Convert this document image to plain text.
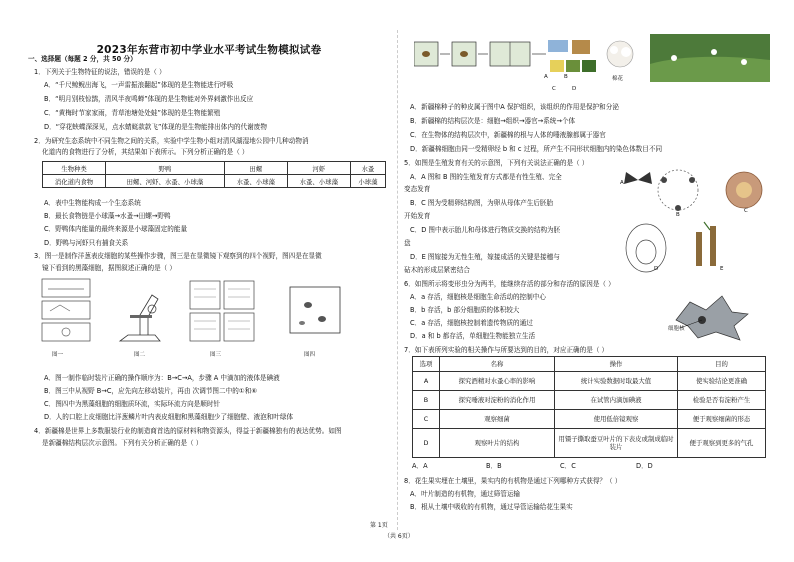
2023年东营市初中学业水平考试生物模拟试卷
一、选择题（每题 2 分，共 50 分）
1．下列关于生物特征的说法，错误的是（ ）
A．“千尺鲸鲵出海飞，一声雷振浪翻起”体现的是生物能进行呼吸
B．“明月别枝惊鹊，清风半夜鸣蝉”体现的是生物能对外界刺激作出反应
C．“黄梅时节家家雨，青草池塘处处蛙”体现的是生物能繁殖
D．“穿花蛱蝶深深见，点水蜻蜓款款飞”体现的是生物能排出体内的代谢废物
2．为研究生态系统中不同生物之间的关系，实验中学生物小组对清风湖湿地公园中几种动物消
化道内的食物进行了分析，其结果如下表所示。下列分析正确的是（ ）
生物种类	野鸭	田螺	河虾	水蚤
消化道内食物	田螺、河虾、水蚤、小球藻	水蚤、小球藻	水蚤、小球藻	小球藻
A．表中生物能构成一个生态系统
B．最长食物链是小球藻→水蚤→田螺→野鸭
C．野鸭体内能量的最终来源是小球藻固定的能量
D．野鸭与河虾只有捕食关系
3．图一是制作洋葱表皮细胞的某些操作步骤，图三是在显微镜下观察到的四个视野，图四是在显微
镜下看到的黑藻细胞，据图叙述正确的是（ ）
图一	图二	图三	图四
A．图一制作临时装片正确的操作顺序为：B→C→A，步骤 A 中滴加的液体是碘液
B．图三中从视野 B→C，应先向左移动装片，再由 次调节图二中的①和⑥
C．图四中为黑藻细胞的细胞质环流，实际环流方向是顺时针
D．人的口腔上皮细胞比洋葱鳞片叶内表皮细胞和黑藻细胞少了细胞壁、液泡和叶绿体
4．新疆棉是世界上多数服装行业的制造商首选的原材料和物资源头，得益于新疆棉独有的表达优势。如图
是新疆棉结构层次示意图。下列有关分析正确的是（ ）
A	B
C	D
棉花
A．新疆棉种子的种皮属于图中A 保护组织，该组织的作用是保护和分泌
B．新疆棉的结构层次是：细胞→组织→器官→系统→个体
C．在生物体的结构层次中，新疆棉的根与人体的唾液腺都属于器官
D．新疆棉细胞由同一受精卵经 b 和 c 过程，所产生不同形状细胞内的染色体数目不同
5．如图是生殖发育有关的示意图，下列有关说法正确的是（ ）
A．A 图和 B 图的生殖发育方式都是有性生殖、完全
变态发育
B．C 图为受精卵结构图，为卵从母体产生后胚胎
开始发育
C．D 图中表示胎儿和母体进行物质交换的结构为胚
盘
D．E 图嫁接为无性生殖，嫁接成活的关键是接穗与
砧木的形成层紧密结合
A
B
C
D	E
6．如图所示将变形虫分为两半，能继续存活的部分和存活的原因是（ ）
A．a 存活，细胞核是细胞生命活动的控制中心
B．b 存活，b 部分细胞质的体积较大
C．a 存活，细胞核控制着遗传物质的通过
D．a 和 b 都存活，单细胞生物能独立生活
细胞核
7．如下表所列实验的相关操作与所要达到的目的，对应正确的是（ ）
选项	名称	操作	目的
A	探究酒精对水蚤心率的影响	统计实验数据时取最大值	使实验结论更准确
B	探究唾液对淀粉的消化作用	在试管内滴加碘液	检验是否有淀粉产生
C	观察细菌	使用低倍镜观察	便于观察细菌的形态
D	观察叶片的结构	用镊子撕取蚕豆叶片的下表皮或制成临时装片	便于观察到更多的气孔
A．A	B．B	C．C	D．D
8．花生果实埋在土壤里，果实内的有机物是通过下列哪种方式获得？（ ）
A．叶片制造的有机物，通过筛管运输
B．根从土壤中吸收的有机物，通过导管运输给花生果实
第 1页
（共 6页）
